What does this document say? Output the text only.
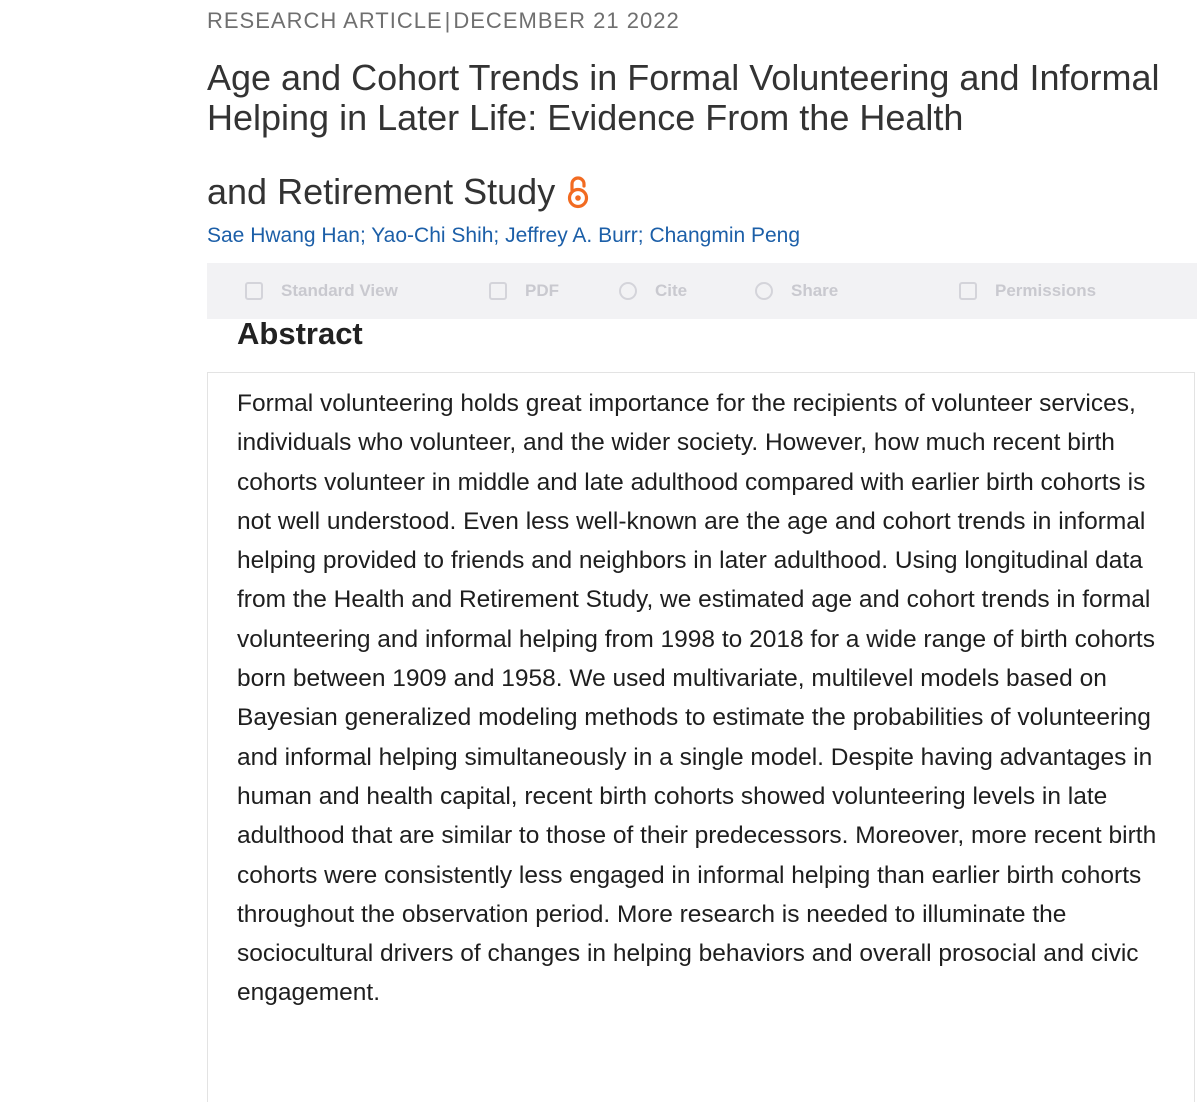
RESEARCH ARTICLE|DECEMBER 21 2022
Age and Cohort Trends in Formal Volunteering and Informal Helping in Later Life: Evidence From the Health
and Retirement Study
Sae Hwang Han; Yao-Chi Shih; Jeffrey A. Burr; Changmin Peng
Standard View	PDF	Cite	Share	Permissions
Abstract

Formal volunteering holds great importance for the recipients of volunteer services, individuals who volunteer, and the wider society. However, how much recent birth cohorts volunteer in middle and late adulthood compared with earlier birth cohorts is not well understood. Even less well-known are the age and cohort trends in informal helping provided to friends and neighbors in later adulthood. Using longitudinal data from the Health and Retirement Study, we estimated age and cohort trends in formal volunteering and informal helping from 1998 to 2018 for a wide range of birth cohorts born between 1909 and 1958. We used multivariate, multilevel models based on Bayesian generalized modeling methods to estimate the probabilities of volunteering and informal helping simultaneously in a single model. Despite having advantages in human and health capital, recent birth cohorts showed volunteering levels in late adulthood that are similar to those of their predecessors. Moreover, more recent birth cohorts were consistently less engaged in informal helping than earlier birth cohorts throughout the observation period. More research is needed to illuminate the sociocultural drivers of changes in helping behaviors and overall prosocial and civic engagement.
